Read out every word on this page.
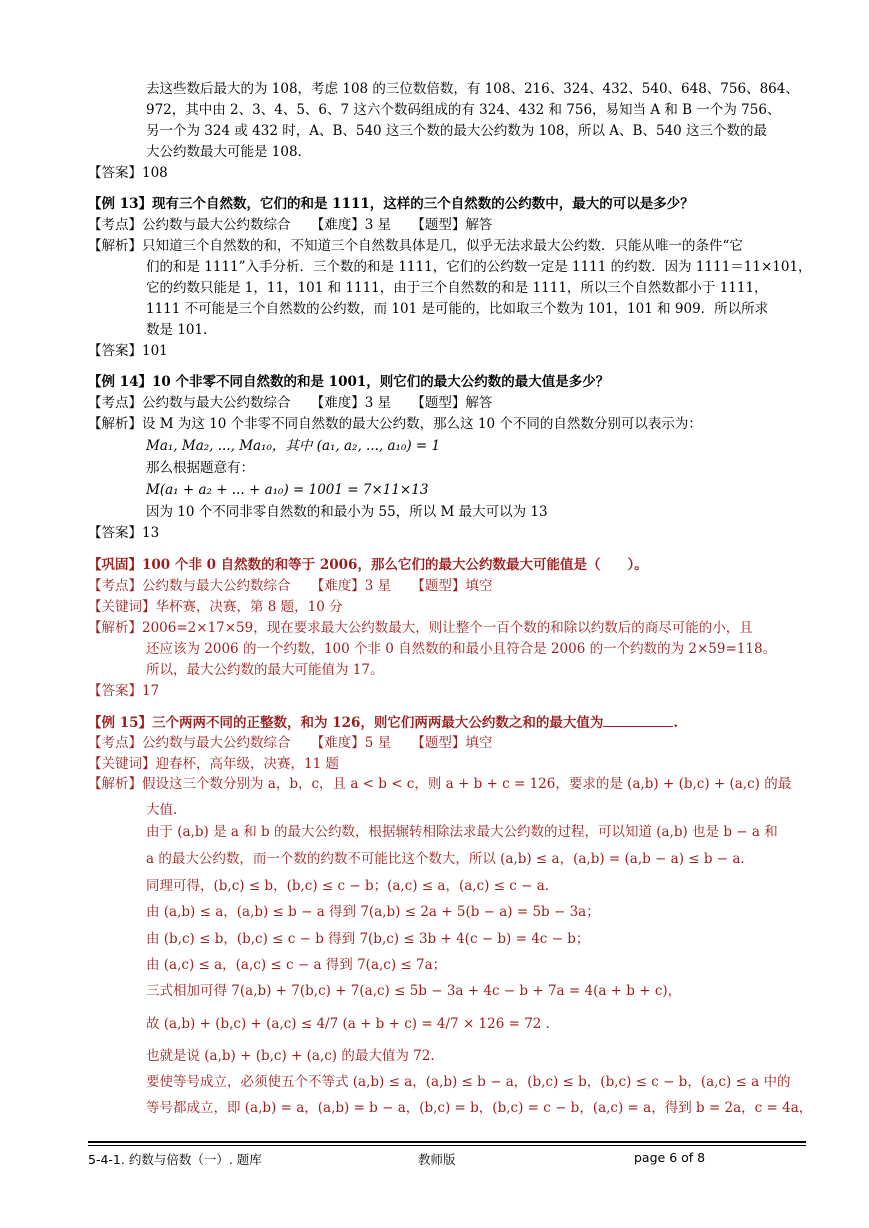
去这些数后最大的为 108，考虑 108 的三位数倍数，有 108、216、324、432、540、648、756、864、
972，其中由 2、3、4、5、6、7 这六个数码组成的有 324、432 和 756，易知当 A 和 B 一个为 756、
另一个为 324 或 432 时，A、B、540 这三个数的最大公约数为 108，所以 A、B、540 这三个数的最
大公约数最大可能是 108.
【答案】108
【例 13】现有三个自然数，它们的和是 1111，这样的三个自然数的公约数中，最大的可以是多少？
【考点】公约数与最大公约数综合　　【难度】3 星　　【题型】解答
【解析】只知道三个自然数的和，不知道三个自然数具体是几，似乎无法求最大公约数．只能从唯一的条件“它
们的和是 1111”入手分析．三个数的和是 1111，它们的公约数一定是 1111 的约数．因为 1111＝11×101，
它的约数只能是 1，11，101 和 1111，由于三个自然数的和是 1111，所以三个自然数都小于 1111，
1111 不可能是三个自然数的公约数，而 101 是可能的，比如取三个数为 101，101 和 909．所以所求
数是 101.
【答案】101
【例 14】10 个非零不同自然数的和是 1001，则它们的最大公约数的最大值是多少？
【考点】公约数与最大公约数综合　　【难度】3 星　　【题型】解答
【解析】设 M 为这 10 个非零不同自然数的最大公约数，那么这 10 个不同的自然数分别可以表示为：
Ma₁, Ma₂, ..., Ma₁₀，其中 (a₁, a₂, ..., a₁₀) = 1
那么根据题意有：
M(a₁ + a₂ + ... + a₁₀) = 1001 = 7×11×13
因为 10 个不同非零自然数的和最小为 55，所以 M 最大可以为 13
【答案】13
【巩固】100 个非 0 自然数的和等于 2006，那么它们的最大公约数最大可能值是（　　）。
【考点】公约数与最大公约数综合　　【难度】3 星　　【题型】填空
【关键词】华杯赛，决赛，第 8 题，10 分
【解析】2006=2×17×59，现在要求最大公约数最大，则让整个一百个数的和除以约数后的商尽可能的小，且
还应该为 2006 的一个约数，100 个非 0 自然数的和最小且符合是 2006 的一个约数的为 2×59=118。
所以，最大公约数的最大可能值为 17。
【答案】17
【例 15】三个两两不同的正整数，和为 126，则它们两两最大公约数之和的最大值为	.
【考点】公约数与最大公约数综合　　【难度】5 星　　【题型】填空
【关键词】迎春杯，高年级，决赛，11 题
【解析】假设这三个数分别为 a，b，c，且 a < b < c，则 a + b + c = 126，要求的是 (a,b) + (b,c) + (a,c) 的最
大值.
由于 (a,b) 是 a 和 b 的最大公约数，根据辗转相除法求最大公约数的过程，可以知道 (a,b) 也是 b − a 和
a 的最大公约数，而一个数的约数不可能比这个数大，所以 (a,b) ≤ a，(a,b) = (a,b − a) ≤ b − a．
同理可得，(b,c) ≤ b，(b,c) ≤ c − b；(a,c) ≤ a，(a,c) ≤ c − a．
由 (a,b) ≤ a，(a,b) ≤ b − a 得到 7(a,b) ≤ 2a + 5(b − a) = 5b − 3a；
由 (b,c) ≤ b，(b,c) ≤ c − b 得到 7(b,c) ≤ 3b + 4(c − b) = 4c − b；
由 (a,c) ≤ a，(a,c) ≤ c − a 得到 7(a,c) ≤ 7a；
三式相加可得 7(a,b) + 7(b,c) + 7(a,c) ≤ 5b − 3a + 4c − b + 7a = 4(a + b + c)，
故 (a,b) + (b,c) + (a,c) ≤ 4/7 (a + b + c) = 4/7 × 126 = 72 .
也就是说 (a,b) + (b,c) + (a,c) 的最大值为 72.
要使等号成立，必须使五个不等式 (a,b) ≤ a，(a,b) ≤ b − a，(b,c) ≤ b，(b,c) ≤ c − b，(a,c) ≤ a 中的
等号都成立，即 (a,b) = a，(a,b) = b − a，(b,c) = b，(b,c) = c − b，(a,c) = a，得到 b = 2a，c = 4a，
5-4-1. 约数与倍数（一）. 题库	教师版	page 6 of 8
